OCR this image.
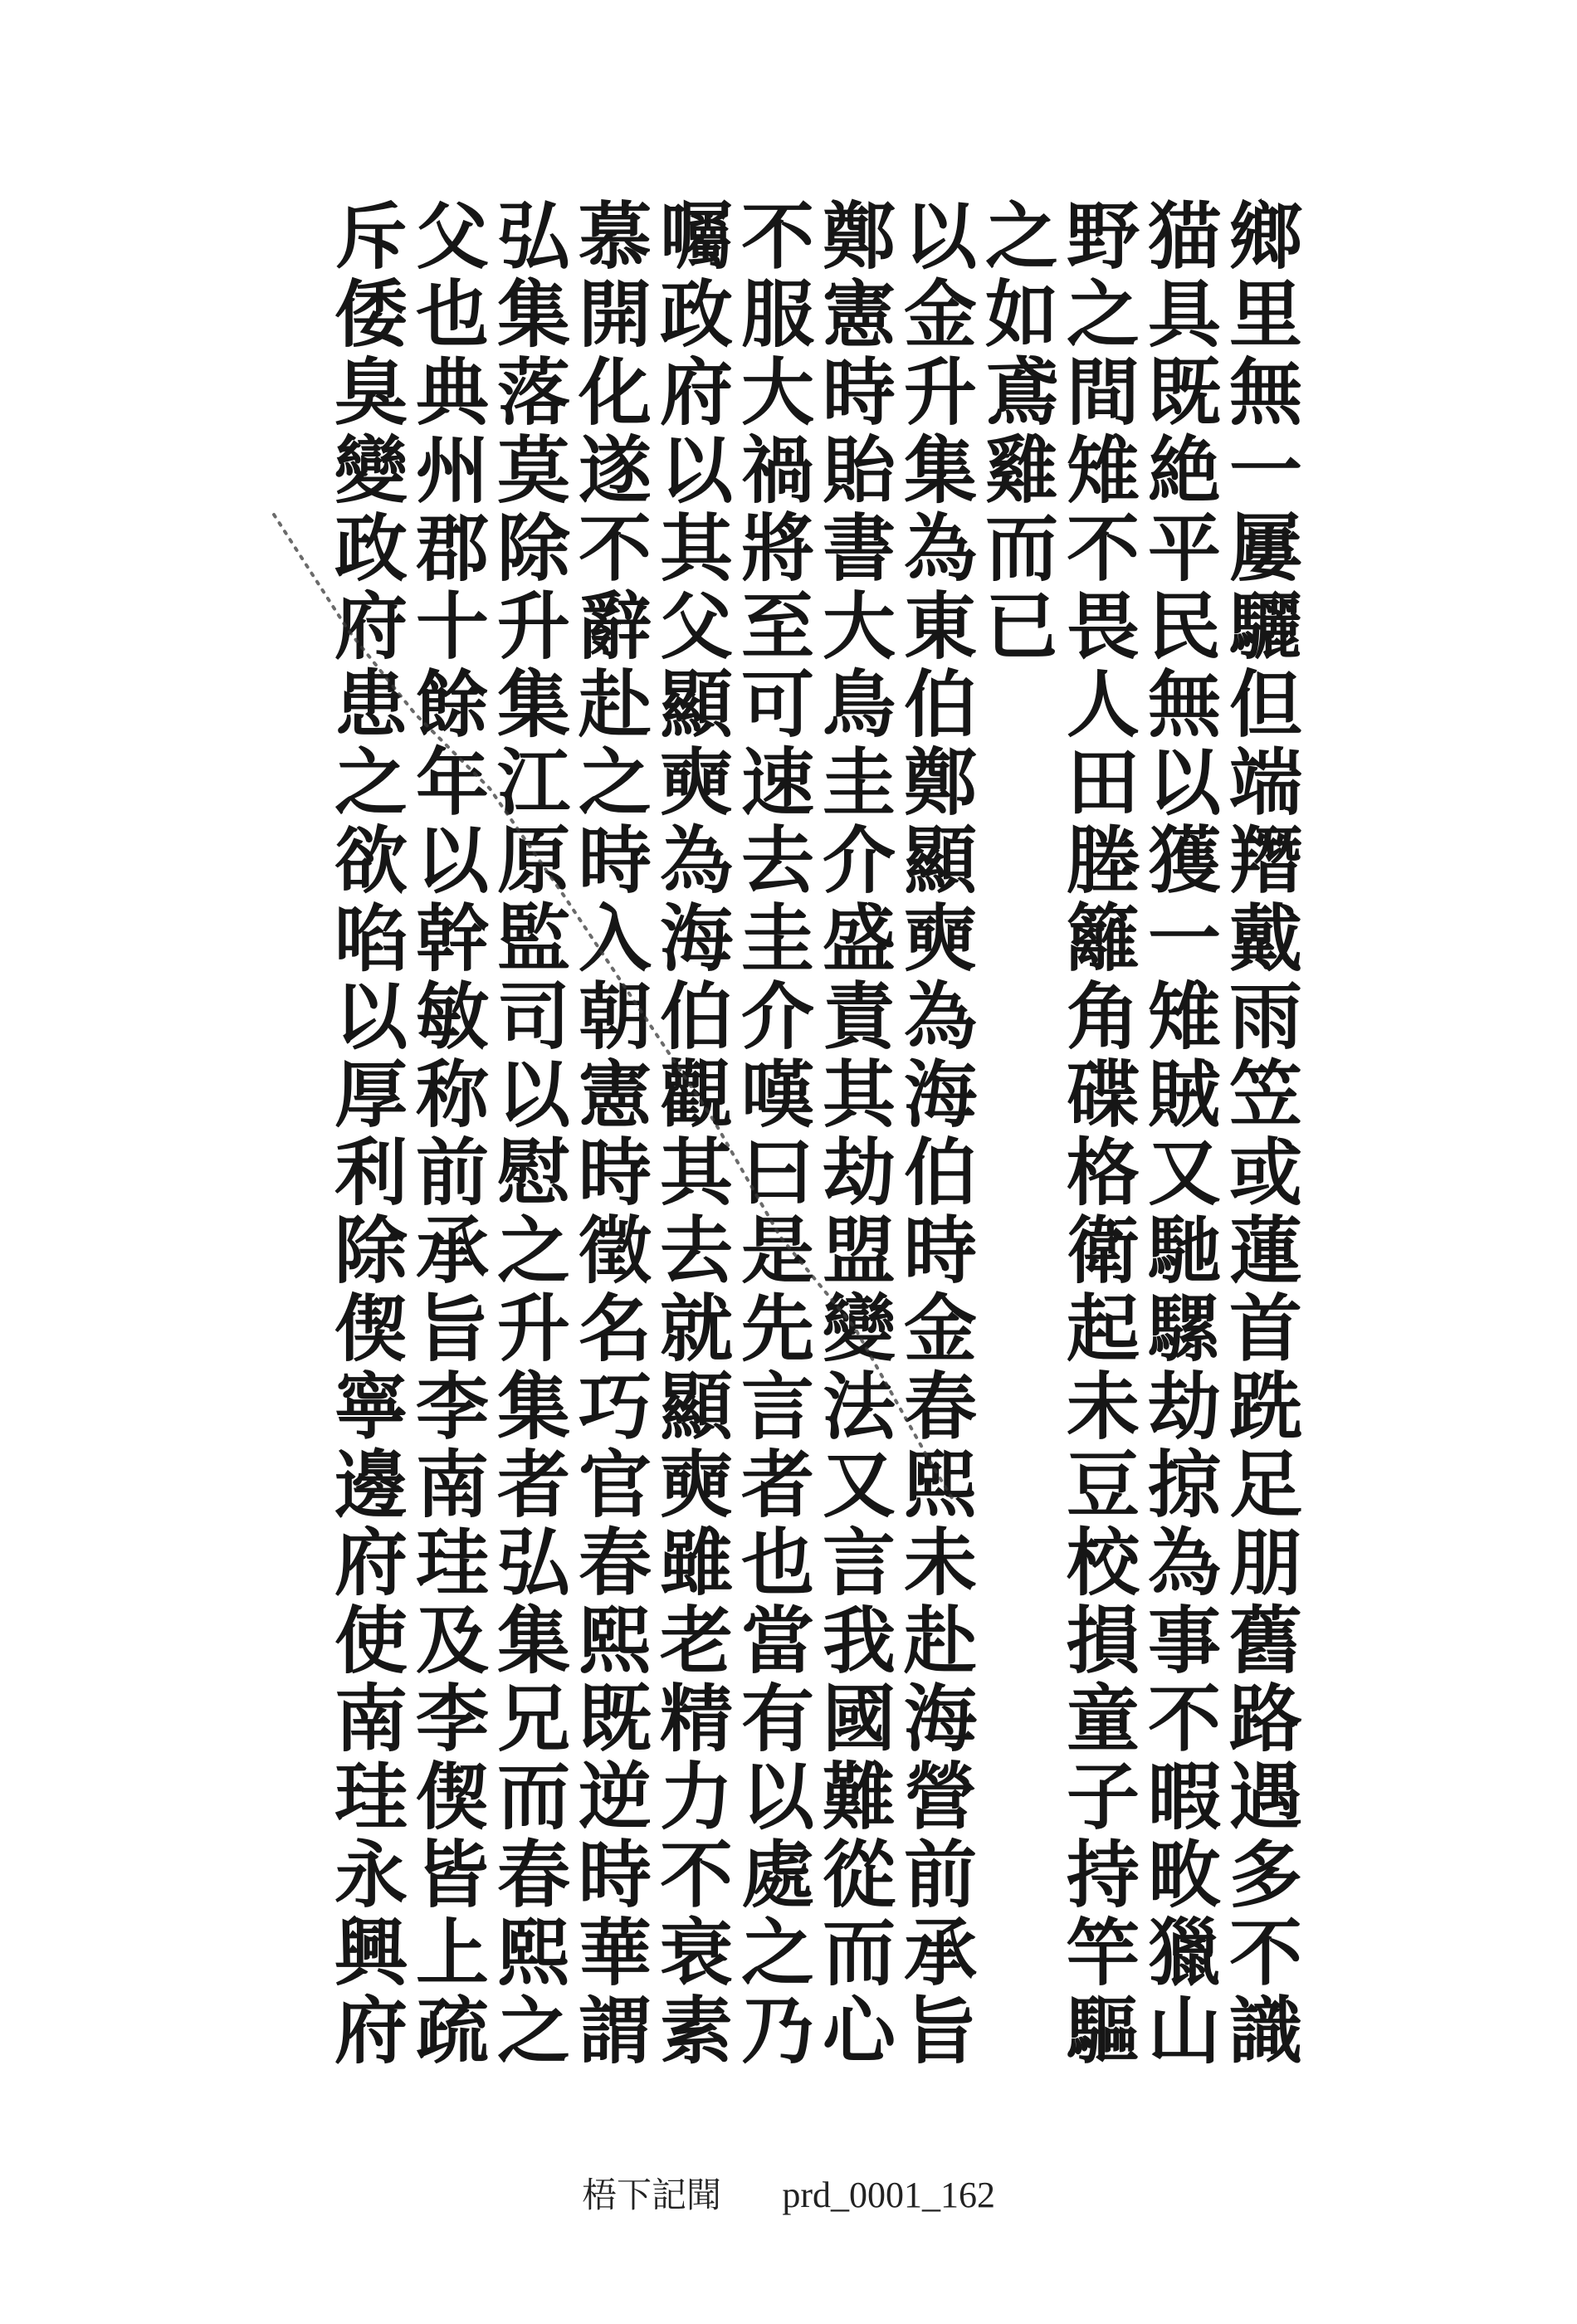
鄉里無一屢驪但端䍼戴雨笠或蓮首跣足朋舊路遇多不識
猫具既絶平民無以獲一雉賊又馳騾劫掠為事不暇畋獵山
野之間雉不畏人田塍籬角碟格衛起未豆校損童子持竿驅
之如鳶雞而已
以金升集為東伯鄭顯奭為海伯時金春熙未赴海營前承旨
鄭憲時貽書大鳥圭介盛責其劫盟變法又言我國難從而心
不服大禍將至可速去圭介嘆曰是先言者也當有以處之乃
囑政府以其父顯奭為海伯觀其去就顯奭雖老精力不衰素
慕開化遂不辭赴之時入朝憲時徵名巧官春熙既逆時華謂
弘集落莫除升集江原監司以慰之升集者弘集兄而春熙之
父也典州郡十餘年以幹敏称前承旨李南珪及李偰皆上疏
斥倭臭變政府患之欲啗以厚利除偰寧邊府使南珪永興府
梧下記聞 prd_0001_162
